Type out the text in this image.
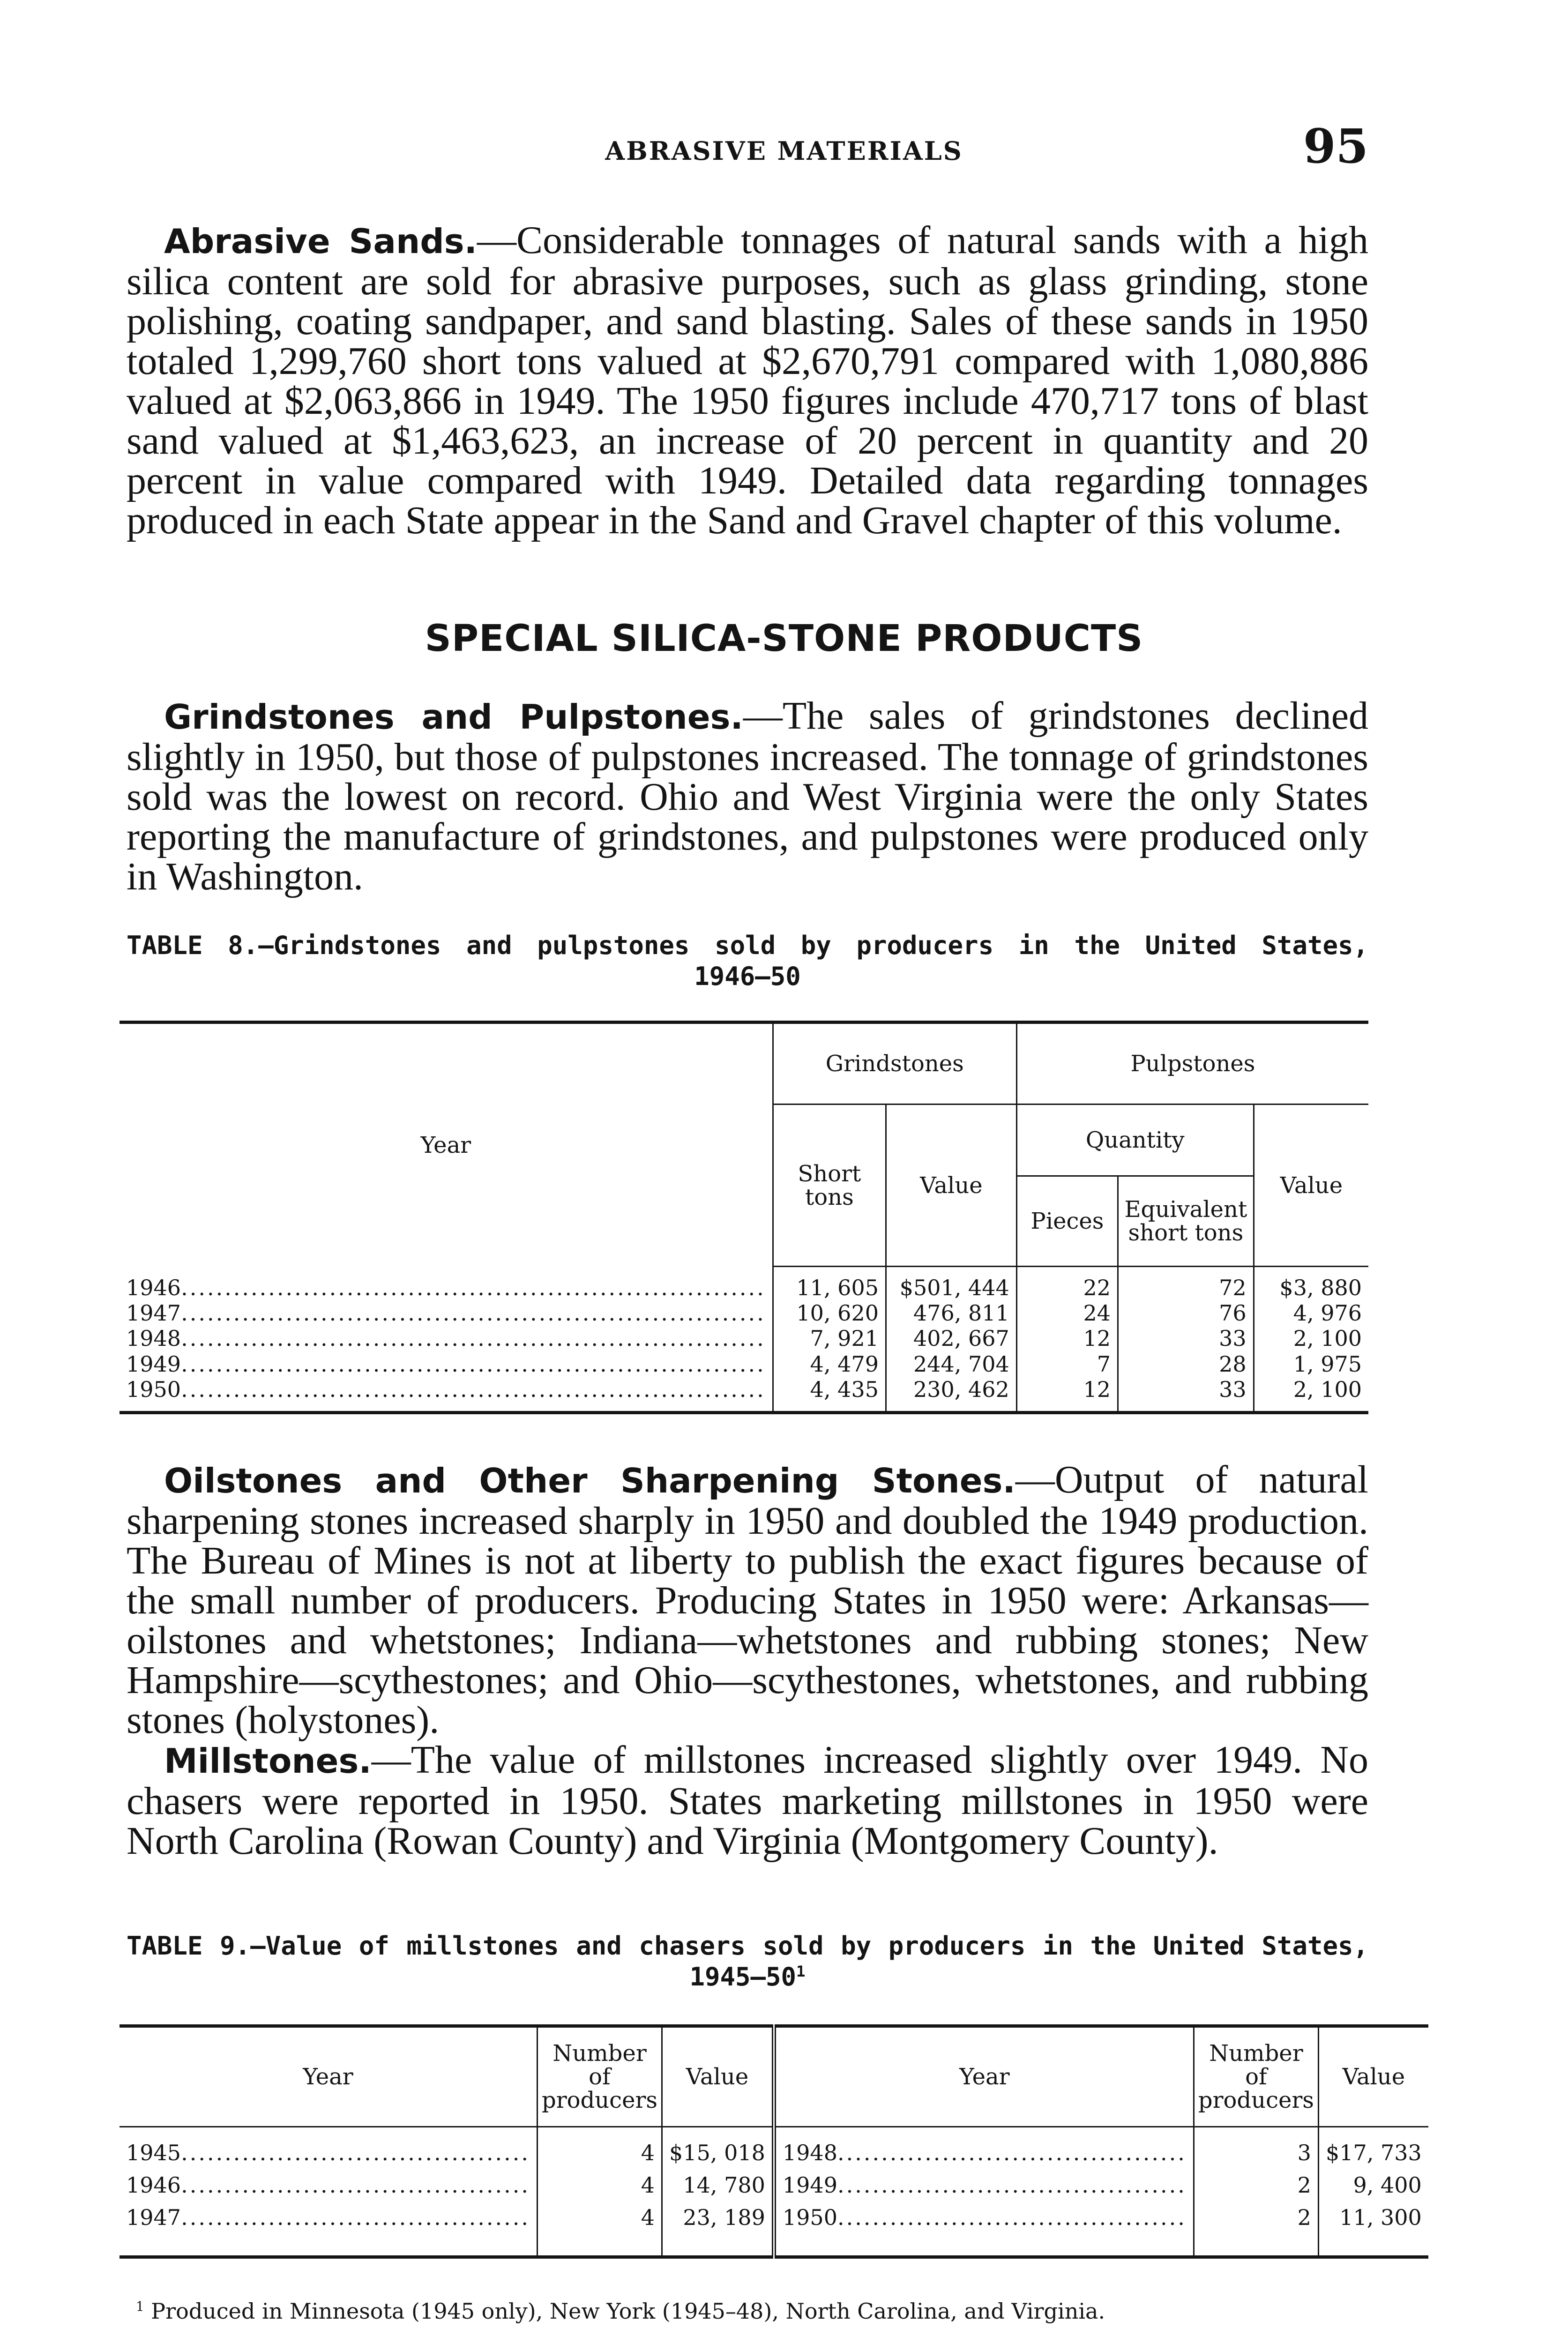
ABRASIVE MATERIALS	95

Abrasive Sands.—Considerable tonnages of natural sands with a high silica content are sold for abrasive purposes, such as glass grinding, stone polishing, coating sandpaper, and sand blasting. Sales of these sands in 1950 totaled 1,299,760 short tons valued at $2,670,791 compared with 1,080,886 valued at $2,063,866 in 1949. The 1950 figures include 470,717 tons of blast sand valued at $1,463,623, an increase of 20 percent in quantity and 20 percent in value compared with 1949. Detailed data regarding tonnages produced in each State appear in the Sand and Gravel chapter of this volume.

SPECIAL SILICA-STONE PRODUCTS

Grindstones and Pulpstones.—The sales of grindstones declined slightly in 1950, but those of pulpstones increased. The tonnage of grindstones sold was the lowest on record. Ohio and West Virginia were the only States reporting the manufacture of grindstones, and pulpstones were produced only in Washington.

TABLE 8.—Grindstones and pulpstones sold by producers in the United States,
1946–50
Year	Grindstones		Pulpstones		
	Short tons	Value	Quantity		Value
			Pieces	Equivalent short tons	

1946...................................................................	11, 605	$501, 444	22	72	$3, 880
1947...................................................................	10, 620	476, 811	24	76	4, 976
1948...................................................................	7, 921	402, 667	12	33	2, 100
1949...................................................................	4, 479	244, 704	7	28	1, 975
1950...................................................................	4, 435	230, 462	12	33	2, 100

Oilstones and Other Sharpening Stones.—Output of natural sharpening stones increased sharply in 1950 and doubled the 1949 production. The Bureau of Mines is not at liberty to publish the exact figures because of the small number of producers. Producing States in 1950 were: Arkansas—oilstones and whetstones; Indiana—whetstones and rubbing stones; New Hampshire—scythestones; and Ohio—scythestones, whetstones, and rubbing stones (holystones).

Millstones.—The value of millstones increased slightly over 1949. No chasers were reported in 1950. States marketing millstones in 1950 were North Carolina (Rowan County) and Virginia (Montgomery County).

TABLE 9.—Value of millstones and chasers sold by producers in the United States,
$1945-50^1$
Year	Number of producers	Value	Year	Number of producers	Value

1945........................................	4	$15, 018	1948........................................	3	$17, 733
1946........................................	4	14, 780	1949........................................	2	9, 400
1947........................................	4	23, 189	1950........................................	2	11, 300

$^1$ Produced in Minnesota (1945 only), New York (1945–48), North Carolina, and Virginia.
